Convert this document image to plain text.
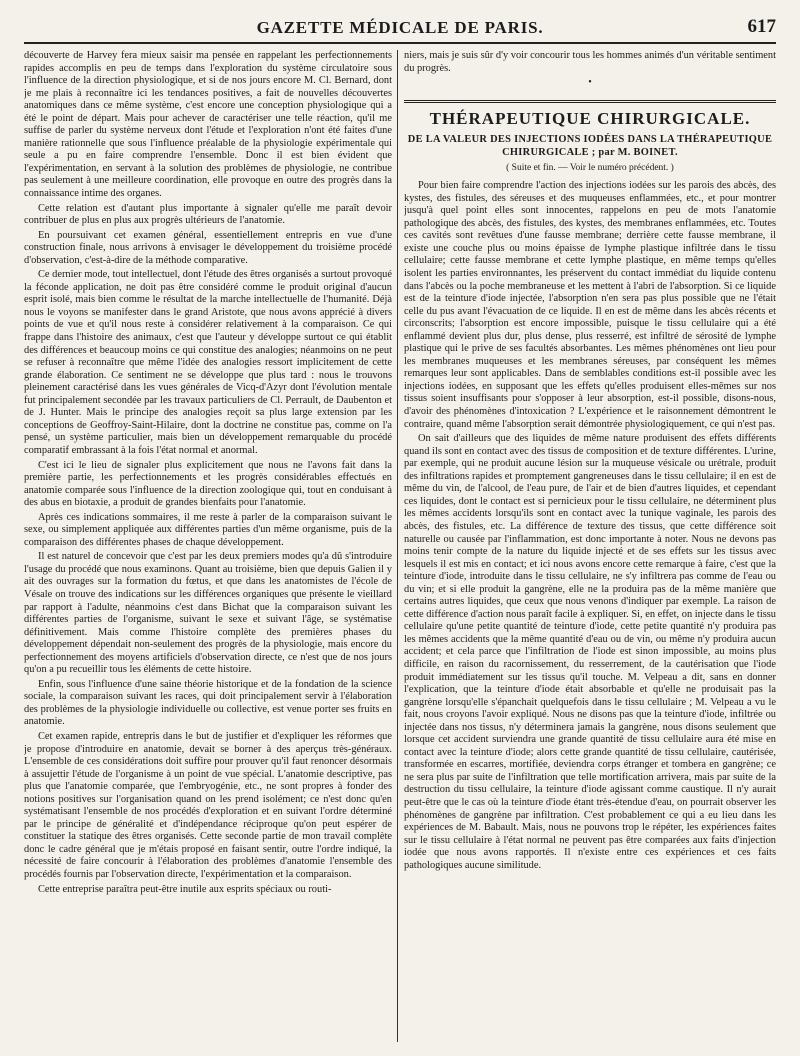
GAZETTE MÉDICALE DE PARIS.	617

découverte de Harvey fera mieux saisir ma pensée en rappelant les perfectionnements rapides accomplis en peu de temps dans l'exploration du système circulatoire sous l'influence de la direction physiologique, et si de nos jours encore M. Cl. Bernard, dont je me plais à reconnaître ici les tendances positives, a fait de nouvelles découvertes anatomiques dans ce même système, c'est encore une conception physiologique qui a été le point de départ. Mais pour achever de caractériser une telle réaction, qu'il me suffise de parler du système nerveux dont l'étude et l'exploration n'ont été faites d'une manière rationnelle que sous l'influence préalable de la physiologie expérimentale qui seule a pu en faire comprendre l'ensemble. Donc il est bien évident que l'expérimentation, en servant à la solution des problèmes de physiologie, ne contribue pas seulement à une meilleure coordination, elle provoque en outre des progrès dans la connaissance intime des organes.

Cette relation est d'autant plus importante à signaler qu'elle me paraît devoir contribuer de plus en plus aux progrès ultérieurs de l'anatomie.

En poursuivant cet examen général, essentiellement entrepris en vue d'une construction finale, nous arrivons à envisager le développement du troisième procédé d'observation, c'est-à-dire de la méthode comparative.

Ce dernier mode, tout intellectuel, dont l'étude des êtres organisés a surtout provoqué la féconde application, ne doit pas être considéré comme le produit original d'aucun esprit isolé, mais bien comme le résultat de la marche intellectuelle de l'humanité. Déjà nous le voyons se manifester dans le grand Aristote, que nous avons apprécié à divers points de vue et qu'il nous reste à considérer relativement à la comparaison. Ce qui frappe dans l'histoire des animaux, c'est que l'auteur y développe surtout ce qui établit des différences et beaucoup moins ce qui constitue des analogies; néanmoins on ne peut se refuser à reconnaître que même l'idée des analogies ressort implicitement de cette grande élaboration. Ce sentiment ne se développe que plus tard : nous le trouvons pleinement caractérisé dans les vues générales de Vicq-d'Azyr dont l'évolution mentale fut principalement secondée par les travaux particuliers de Cl. Perrault, de Daubenton et de J. Hunter. Mais le principe des analogies reçoit sa plus large extension par les conceptions de Geoffroy-Saint-Hilaire, dont la doctrine ne constitue pas, comme on l'a pensé, un système particulier, mais bien un développement remarquable du procédé comparatif embrassant à la fois l'état normal et anormal.

C'est ici le lieu de signaler plus explicitement que nous ne l'avons fait dans la première partie, les perfectionnements et les progrès considérables effectués en anatomie comparée sous l'influence de la direction zoologique qui, tout en conduisant à des abus en biotaxie, a produit de grandes bienfaits pour l'anatomie.

Après ces indications sommaires, il me reste à parler de la comparaison suivant le sexe, ou simplement appliquée aux différentes parties d'un même organisme, puis de la comparaison des différentes phases de chaque développement.

Il est naturel de concevoir que c'est par les deux premiers modes qu'a dû s'introduire l'usage du procédé que nous examinons. Quant au troisième, bien que depuis Galien il y ait des ouvrages sur la formation du fœtus, et que dans les anatomistes de l'école de Vésale on trouve des indications sur les différences organiques que présente le vieillard par rapport à l'adulte, néanmoins c'est dans Bichat que la comparaison suivant les différentes parties de l'organisme, suivant le sexe et suivant l'âge, se systématise définitivement. Mais comme l'histoire complète des premières phases du développement dépendait non-seulement des progrès de la physiologie, mais encore du perfectionnement des moyens artificiels d'observation directe, ce n'est que de nos jours qu'on a pu recueillir tous les éléments de cette histoire.

Enfin, sous l'influence d'une saine théorie historique et de la fondation de la science sociale, la comparaison suivant les races, qui doit principalement servir à l'élaboration des problèmes de la physiologie individuelle ou collective, est venue porter ses fruits en anatomie.

Cet examen rapide, entrepris dans le but de justifier et d'expliquer les réformes que je propose d'introduire en anatomie, devait se borner à des aperçus très-généraux. L'ensemble de ces considérations doit suffire pour prouver qu'il faut renoncer désormais à assujettir l'étude de l'organisme à un point de vue spécial. L'anatomie descriptive, pas plus que l'anatomie comparée, que l'embryogénie, etc., ne sont propres à fonder des notions positives sur l'organisation quand on les prend isolément; ce n'est donc qu'en systématisant l'ensemble de nos procédés d'exploration et en suivant l'ordre déterminé par le principe de généralité et d'indépendance réciproque qu'on peut espérer de constituer la statique des êtres organisés. Cette seconde partie de mon travail complète donc le cadre général que je m'étais proposé en faisant sentir, outre l'ordre indiqué, la nécessité de faire concourir à l'élaboration des problèmes d'anatomie l'ensemble des procédés fournis par l'observation directe, l'expérimentation et la comparaison.

Cette entreprise paraîtra peut-être inutile aux esprits spéciaux ou routi-

niers, mais je suis sûr d'y voir concourir tous les hommes animés d'un véritable sentiment du progrès.

•
THÉRAPEUTIQUE CHIRURGICALE.
DE LA VALEUR DES INJECTIONS IODÉES DANS LA THÉRAPEUTIQUE CHIRURGICALE ; par M. BOINET.
( Suite et fin. — Voir le numéro précédent. )

Pour bien faire comprendre l'action des injections iodées sur les parois des abcès, des kystes, des fistules, des séreuses et des muqueuses enflammées, etc., et pour montrer jusqu'à quel point elles sont innocentes, rappelons en peu de mots l'anatomie pathologique des abcès, des fistules, des kystes, des membranes enflammées, etc. Toutes ces cavités sont revêtues d'une fausse membrane; derrière cette fausse membrane, il existe une couche plus ou moins épaisse de lymphe plastique infiltrée dans le tissu cellulaire; cette fausse membrane et cette lymphe plastique, en même temps qu'elles isolent les parties environnantes, les préservent du contact immédiat du liquide contenu dans l'abcès ou la poche membraneuse et les mettent à l'abri de l'absorption. Si ce liquide est de la teinture d'iode injectée, l'absorption n'en sera pas plus possible que ne l'était celle du pus avant l'évacuation de ce liquide. Il en est de même dans les abcès récents et circonscrits; l'absorption est encore impossible, puisque le tissu cellulaire qui a été enflammé devient plus dur, plus dense, plus resserré, est infiltré de sérosité de lymphe plastique qui le prive de ses facultés absorbantes. Les mêmes phénomènes ont lieu pour les membranes muqueuses et les membranes séreuses, par conséquent les mêmes remarques leur sont applicables. Dans de semblables conditions est-il possible avec les injections iodées, en supposant que les effets qu'elles produisent elles-mêmes sur nos tissus soient insuffisants pour s'opposer à leur absorption, est-il possible, disons-nous, d'avoir des phénomènes d'intoxication ? L'expérience et le raisonnement démontrent le contraire, quand même l'absorption serait démontrée physiologiquement, ce qui n'est pas.

On sait d'ailleurs que des liquides de même nature produisent des effets différents quand ils sont en contact avec des tissus de composition et de texture différentes. L'urine, par exemple, qui ne produit aucune lésion sur la muqueuse vésicale ou urétrale, produit des infiltrations rapides et promptement gangreneuses dans le tissu cellulaire; il en est de même du vin, de l'alcool, de l'eau pure, de l'air et de bien d'autres liquides, et cependant ces liquides, dont le contact est si pernicieux pour le tissu cellulaire, ne déterminent plus les mêmes accidents lorsqu'ils sont en contact avec la tunique vaginale, les parois des abcès, des fistules, etc. La différence de texture des tissus, que cette différence soit naturelle ou causée par l'inflammation, est donc importante à noter. Nous ne devons pas moins tenir compte de la nature du liquide injecté et de ses effets sur les tissus avec lesquels il est mis en contact; et ici nous avons encore cette remarque à faire, c'est que la teinture d'iode, introduite dans le tissu cellulaire, ne s'y infiltrera pas comme de l'eau ou du vin; et si elle produit la gangrène, elle ne la produira pas de la même manière que certains autres liquides, que ceux que nous venons d'indiquer par exemple. La raison de cette différence d'action nous paraît facile à expliquer. Si, en effet, on injecte dans le tissu cellulaire qu'une petite quantité de teinture d'iode, cette petite quantité n'y produira pas les mêmes accidents que la même quantité d'eau ou de vin, ou même n'y produira aucun accident; et cela parce que l'infiltration de l'iode est sinon impossible, au moins plus difficile, en raison du racornissement, du resserrement, de la cautérisation que l'iode produit immédiatement sur les tissus qu'il touche. M. Velpeau a dit, sans en donner l'explication, que la teinture d'iode était absorbable et qu'elle ne produisait pas la gangrène lorsqu'elle s'épanchait quelquefois dans le tissu cellulaire ; M. Velpeau a vu le fait, nous croyons l'avoir expliqué. Nous ne disons pas que la teinture d'iode, infiltrée ou injectée dans nos tissus, n'y déterminera jamais la gangrène, nous disons seulement que lorsque cet accident surviendra une grande quantité de tissu cellulaire aura été mise en contact avec la teinture d'iode; alors cette grande quantité de tissu cellulaire, cautérisée, transformée en escarres, mortifiée, deviendra corps étranger et tombera en gangrène; ce ne sera plus par suite de l'infiltration que telle mortification arrivera, mais par suite de la destruction du tissu cellulaire, la teinture d'iode agissant comme caustique. Il n'y aurait peut-être que le cas où la teinture d'iode étant très-étendue d'eau, on pourrait observer les phénomènes de gangrène par infiltration. C'est probablement ce qui a eu lieu dans les expériences de M. Babault. Mais, nous ne pouvons trop le répéter, les expériences faites sur le tissu cellulaire à l'état normal ne peuvent pas être comparées aux faits d'injection iodée que nous avons rapportés. Il n'existe entre ces expériences et ces faits pathologiques aucune similitude.
